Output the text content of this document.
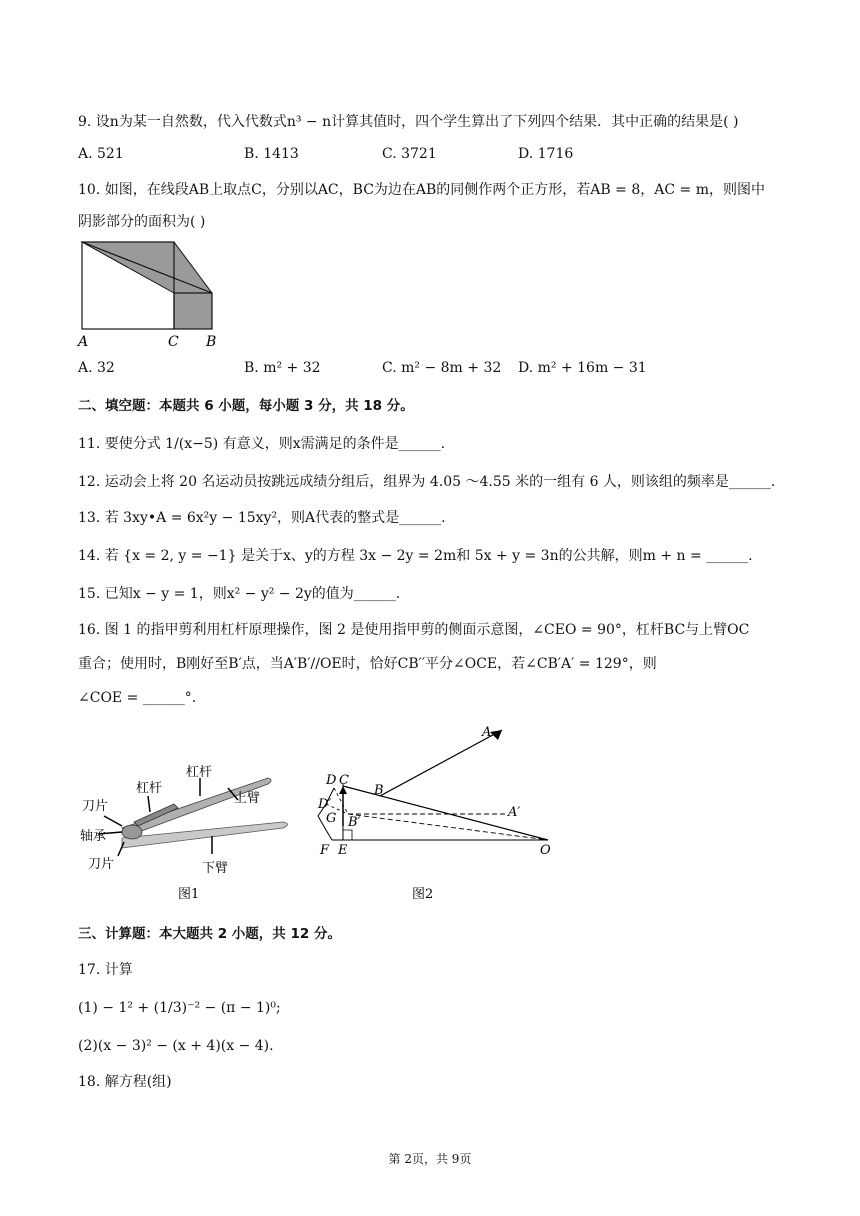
9. 设n为某一自然数，代入代数式n³ − n计算其值时，四个学生算出了下列四个结果．其中正确的结果是( )
A. 521	B. 1413	C. 3721	D. 1716
10. 如图，在线段AB上取点C，分别以AC，BC为边在AB的同侧作两个正方形，若AB = 8，AC = m，则图中
阴影部分的面积为( )
A	C B
A. 32	B. m² + 32	C. m² − 8m + 32 D. m² + 16m − 31
二、填空题：本题共 6 小题，每小题 3 分，共 18 分。
11. 要使分式 1/(x−5) 有意义，则x需满足的条件是______.
12. 运动会上将 20 名运动员按跳远成绩分组后，组界为 4.05 ～4.55 米的一组有 6 人，则该组的频率是______.
13. 若 3xy•A = 6x²y − 15xy²，则A代表的整式是______.
14. 若 {x = 2, y = −1} 是关于x、y的方程 3x − 2y = 2m和 5x + y = 3n的公共解，则m + n = ______.
15. 已知x − y = 1，则x² − y² − 2y的值为______.
16. 图 1 的指甲剪利用杠杆原理操作，图 2 是使用指甲剪的侧面示意图，∠CEO = 90°，杠杆BC与上臂OC
重合；使用时，B刚好至B′点，当A′B′//OE时，恰好CB′′平分∠OCE，若∠CB′A′ = 129°，则
∠COE = ______°.
杠杆
杠杆
上臂
刀片
轴承
刀片	下臂
图1
A
D C
B
D′
G B′
A′
F E	O
图2
三、计算题：本大题共 2 小题，共 12 分。
17. 计算
(1) − 1² + (1/3)⁻² − (π − 1)⁰;
(2)(x − 3)² − (x + 4)(x − 4).
18. 解方程(组)
第 2页，共 9页
